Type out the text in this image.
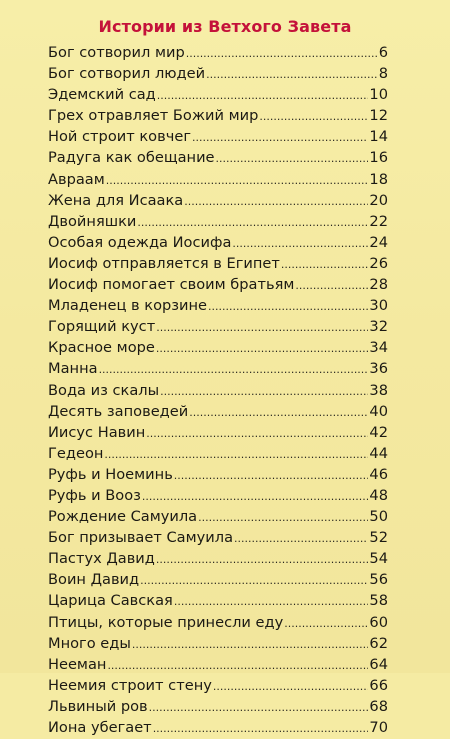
Истории из Ветхого Завета
Бог сотворил мир .....	6
Бог сотворил людей .....	8
Эдемский сад .....	10
Грех отравляет Божий мир .....	12
Ной строит ковчег .....	14
Радуга как обещание .....	16
Авраам .....	18
Жена для Исаака .....	20
Двойняшки .....	22
Особая одежда Иосифа .....	24
Иосиф отправляется в Египет .....	26
Иосиф помогает своим братьям .....	28
Младенец в корзине .....	30
Горящий куст .....	32
Красное море .....	34
Манна .....	36
Вода из скалы .....	38
Десять заповедей .....	40
Иисус Навин .....	42
Гедеон .....	44
Руфь и Ноеминь .....	46
Руфь и Вооз .....	48
Рождение Самуила .....	50
Бог призывает Самуила .....	52
Пастух Давид .....	54
Воин Давид .....	56
Царица Савская .....	58
Птицы, которые принесли еду .....	60
Много еды .....	62
Нееман .....	64
Неемия строит стену .....	66
Львиный ров .....	68
Иона убегает .....	70
